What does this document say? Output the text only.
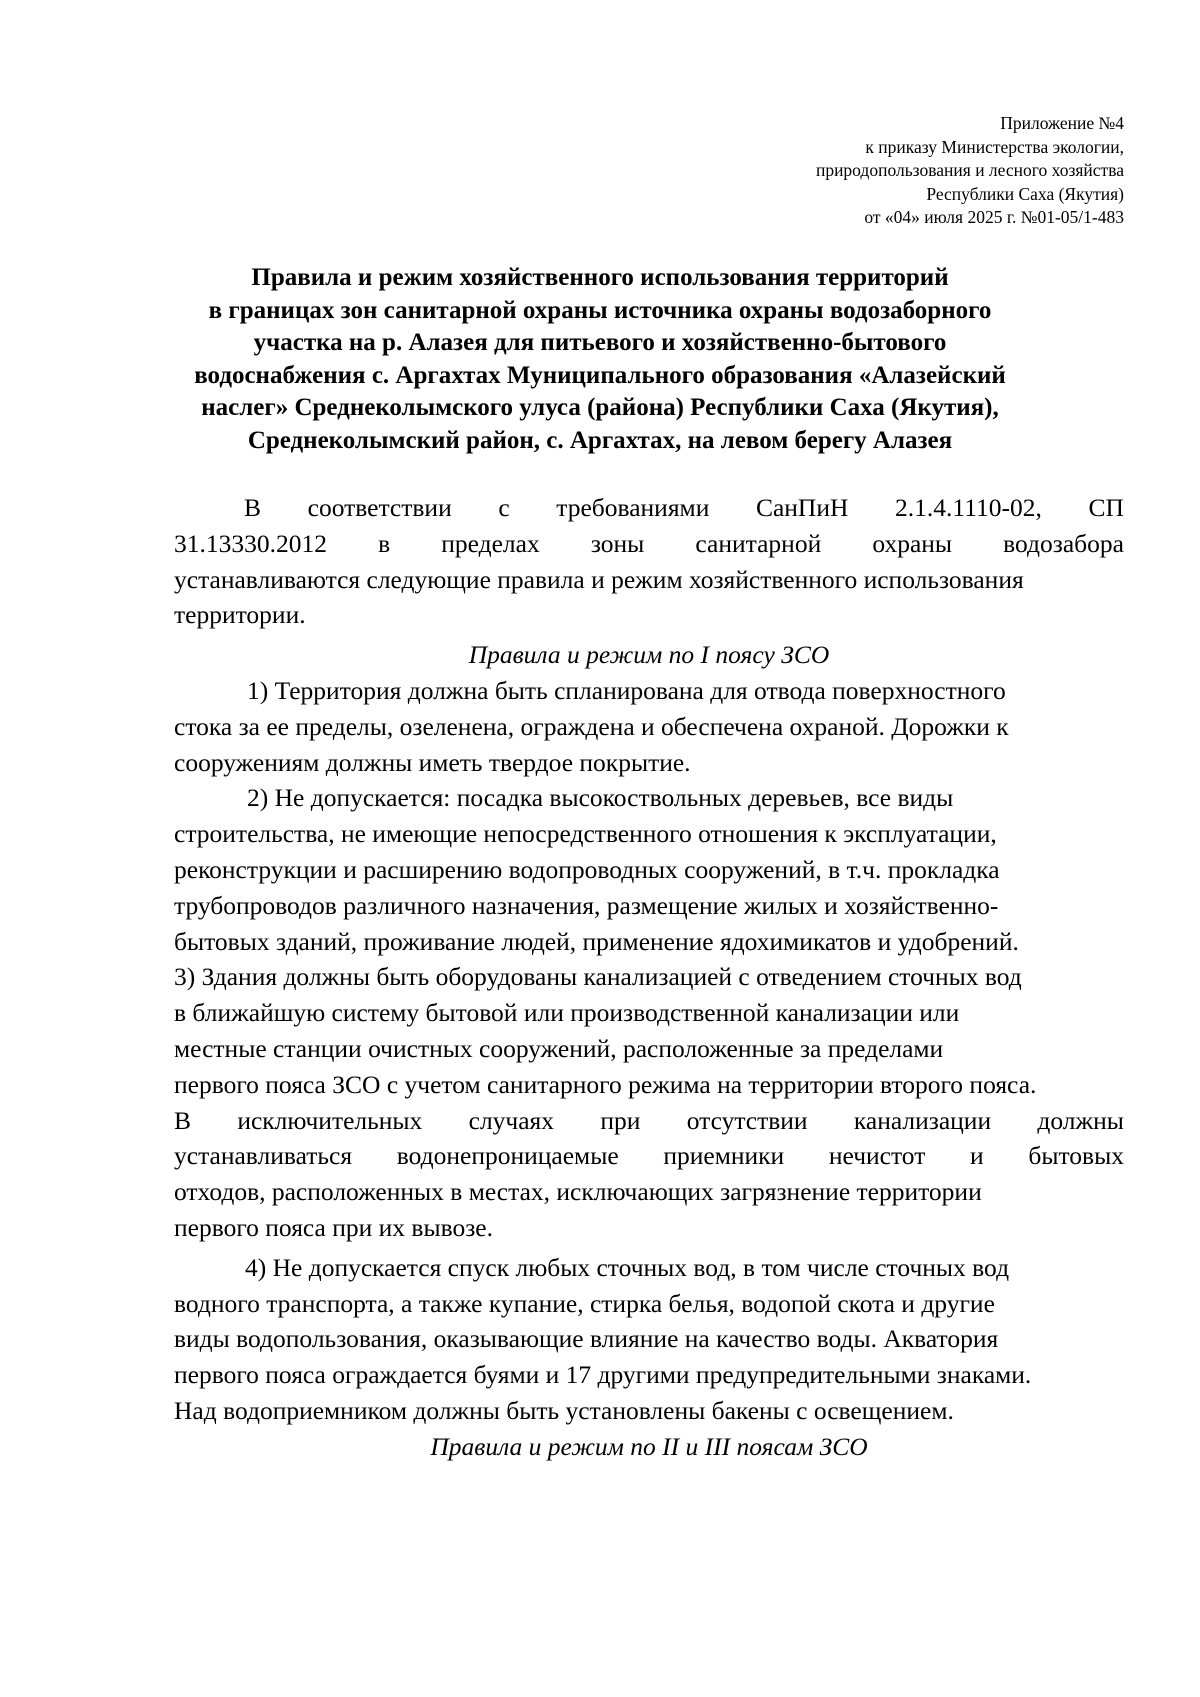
Приложение №4
к приказу Министерства экологии,
природопользования и лесного хозяйства
Республики Саха (Якутия)
от «04» июля 2025 г. №01-05/1-483
Правила и режим хозяйственного использования территорий
в границах зон санитарной охраны источника охраны водозаборного
участка на р. Алазея для питьевого и хозяйственно-бытового
водоснабжения с. Аргахтах Муниципального образования «Алазейский
наслег» Среднеколымского улуса (района) Республики Саха (Якутия),
Среднеколымский район, с. Аргахтах, на левом берегу Алазея
В соответствии с требованиями СанПиН 2.1.4.1110-02, СП
31.13330.2012 в пределах зоны санитарной охраны водозабора
устанавливаются следующие правила и режим хозяйственного использования
территории.
Правила и режим по I поясу ЗСО
1) Территория должна быть спланирована для отвода поверхностного
стока за ее пределы, озеленена, ограждена и обеспечена охраной. Дорожки к
сооружениям должны иметь твердое покрытие.
2) Не допускается: посадка высокоствольных деревьев, все виды
строительства, не имеющие непосредственного отношения к эксплуатации,
реконструкции и расширению водопроводных сооружений, в т.ч. прокладка
трубопроводов различного назначения, размещение жилых и хозяйственно-
бытовых зданий, проживание людей, применение ядохимикатов и удобрений.
3) Здания должны быть оборудованы канализацией с отведением сточных вод
в ближайшую систему бытовой или производственной канализации или
местные станции очистных сооружений, расположенные за пределами
первого пояса ЗСО с учетом санитарного режима на территории второго пояса.
В исключительных случаях при отсутствии канализации должны
устанавливаться водонепроницаемые приемники нечистот и бытовых
отходов, расположенных в местах, исключающих загрязнение территории
первого пояса при их вывозе.
4) Не допускается спуск любых сточных вод, в том числе сточных вод
водного транспорта, а также купание, стирка белья, водопой скота и другие
виды водопользования, оказывающие влияние на качество воды. Акватория
первого пояса ограждается буями и 17 другими предупредительными знаками.
Над водоприемником должны быть установлены бакены с освещением.
Правила и режим по II и III поясам ЗСО
